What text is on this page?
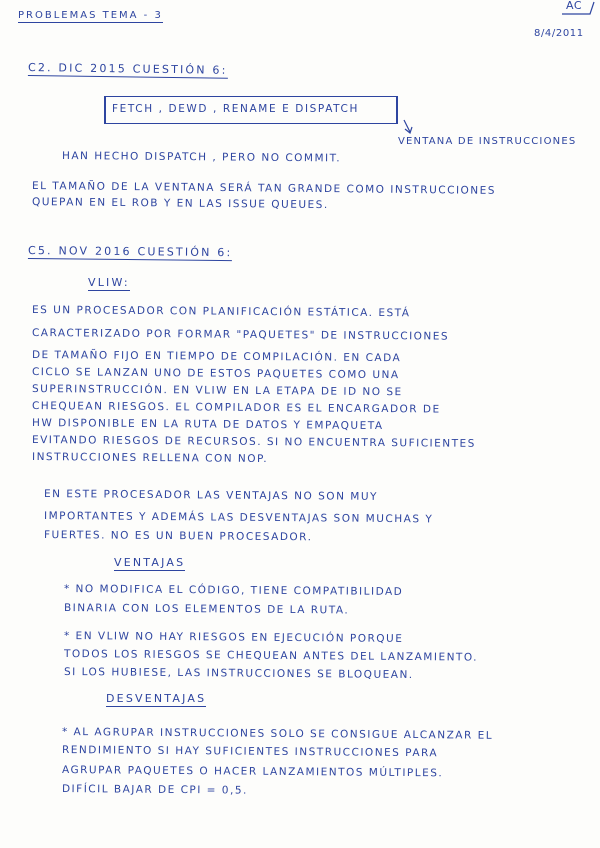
PROBLEMAS TEMA - 3
AC
8/4/2011
C2. DIC 2015 CUESTIÓN 6:
FETCH , DEWD , RENAME E DISPATCH
VENTANA DE INSTRUCCIONES
HAN HECHO DISPATCH , PERO NO COMMIT.
EL TAMAÑO DE LA VENTANA SERÁ TAN GRANDE COMO INSTRUCCIONES
QUEPAN EN EL ROB Y EN LAS ISSUE QUEUES.
C5. NOV 2016 CUESTIÓN 6:
VLIW:
ES UN PROCESADOR CON PLANIFICACIÓN ESTÁTICA. ESTÁ
CARACTERIZADO POR FORMAR "PAQUETES" DE INSTRUCCIONES
DE TAMAÑO FIJO EN TIEMPO DE COMPILACIÓN. EN CADA
CICLO SE LANZAN UNO DE ESTOS PAQUETES COMO UNA
SUPERINSTRUCCIÓN. EN VLIW EN LA ETAPA DE ID NO SE
CHEQUEAN RIESGOS. EL COMPILADOR ES EL ENCARGADOR DE
HW DISPONIBLE EN LA RUTA DE DATOS Y EMPAQUETA
EVITANDO RIESGOS DE RECURSOS. SI NO ENCUENTRA SUFICIENTES
INSTRUCCIONES RELLENA CON NOP.
EN ESTE PROCESADOR LAS VENTAJAS NO SON MUY
IMPORTANTES Y ADEMÁS LAS DESVENTAJAS SON MUCHAS Y
FUERTES. NO ES UN BUEN PROCESADOR.
VENTAJAS
* NO MODIFICA EL CÓDIGO, TIENE COMPATIBILIDAD
BINARIA CON LOS ELEMENTOS DE LA RUTA.
* EN VLIW NO HAY RIESGOS EN EJECUCIÓN PORQUE
TODOS LOS RIESGOS SE CHEQUEAN ANTES DEL LANZAMIENTO.
SI LOS HUBIESE, LAS INSTRUCCIONES SE BLOQUEAN.
DESVENTAJAS
* AL AGRUPAR INSTRUCCIONES SOLO SE CONSIGUE ALCANZAR EL
RENDIMIENTO SI HAY SUFICIENTES INSTRUCCIONES PARA
AGRUPAR PAQUETES O HACER LANZAMIENTOS MÚLTIPLES.
DIFÍCIL BAJAR DE CPI = 0,5.
